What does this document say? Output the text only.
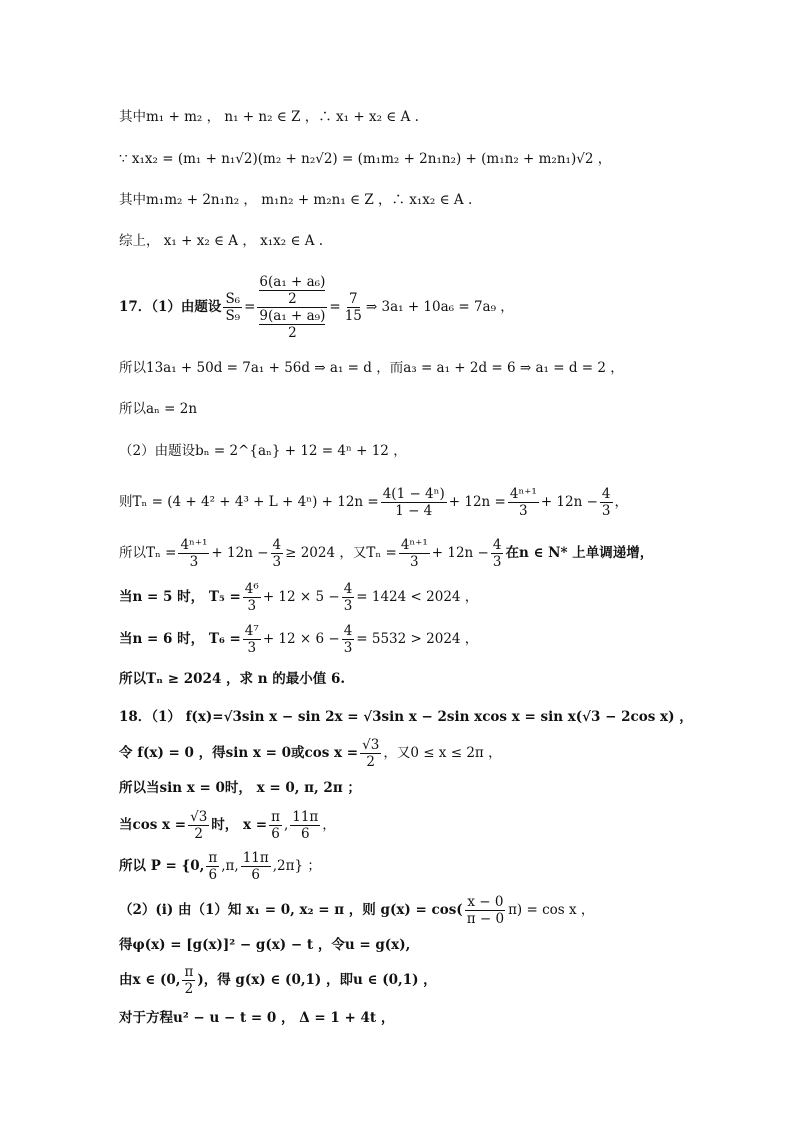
其中m₁ + m₂ ， n₁ + n₂ ∈ Z ，∴ x₁ + x₂ ∈ A .
∵ x₁x₂ = (m₁ + n₁√2)(m₂ + n₂√2) = (m₁m₂ + 2n₁n₂) + (m₁n₂ + m₂n₁)√2 ，
其中m₁m₂ + 2n₁n₂ ， m₁n₂ + m₂n₁ ∈ Z ，∴ x₁x₂ ∈ A .
综上， x₁ + x₂ ∈ A ， x₁x₂ ∈ A .
17．（1）由题设 $\frac{\text{S₆}}{\text{S₉}} = 6(a_1 + a_6)$
2
9(a₁ + a₉)
$2 = \frac{7}{15}$ ⇒ 3a₁ + 10a₆ = 7a₉ ，
所以13a₁ + 50d = 7a₁ + 56d ⇒ a₁ = d ，而a₃ = a₁ + 2d = 6 ⇒ a₁ = d = 2 ，
所以aₙ = 2n
（2）由题设bₙ = 2^{aₙ} + 12 = 4ⁿ + 12 ，
则$T_n = (4 + 4^2 + 4^3 + L + 4^n) + 12n = \frac{\text{4(1 − 4ⁿ)}}{1 - 4} + 12n = \frac{\text{4ⁿ⁺¹}}{3} + 12n - \frac{4}{3}$ ，
所以$T_n = \frac{\text{4ⁿ⁺¹}}{3} + 12n - \frac{4}{3} \ge 2024$ ，又$T_n = \frac{\text{4ⁿ⁺¹}}{3} + 12n - \frac{4}{3}$ 在n ∈ N* 上单调递增，
当n = 5 时， $T_5 = \frac{\text{4⁶}}{3} + 12 \times 5 - \frac{4}{3} = 1424 < 2024$ ，
当n = 6 时， $T_6 = \frac{\text{4⁷}}{3} + 12 \times 6 - \frac{4}{3} = 5532 > 2024$ ，
所以Tₙ ≥ 2024 ，求 n 的最小值 6.
18．（1） f(x)=√3sin x − sin 2x = √3sin x − 2sin xcos x = sin x(√3 − 2cos x) ，
令 f(x) = 0 ，得sin x = 0或$\cos x = \frac{√3}{2}$ ，又0 ≤ x ≤ 2π ，
所以当sin x = 0时， x = 0, π, 2π ；
当$\cos x = \frac{√3}{2}$ 时， $x = \frac{\pi}{6}$ , $\frac{11\pi}{6}$ ，
所以 P = {0, $\frac{\pi}{6} ,\pi$, $\frac{11\pi}{6} ,2\pi$} ；
（2）(i) 由（1）知 x₁ = 0, x₂ = π ，则 $g(x) = \cos( \frac{x - 0}{\pi - 0} \pi) = \cos x$ ，
得φ(x) = [g(x)]² − g(x) − t ，令u = g(x),
由x ∈ (0, $\frac{\pi}{2}$ )，得 g(x) ∈ (0,1) ，即u ∈ (0,1) ，
对于方程u² − u − t = 0 ， Δ = 1 + 4t ，
